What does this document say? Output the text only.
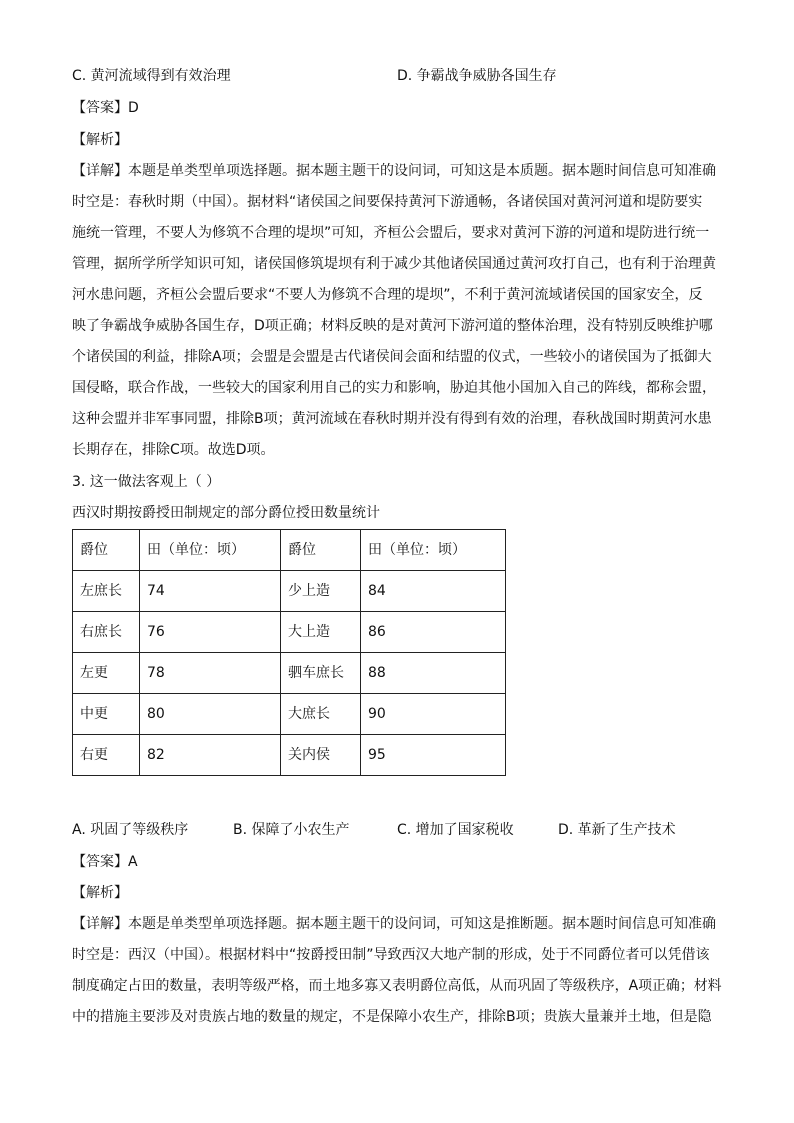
C. 黄河流域得到有效治理	D. 争霸战争威胁各国生存
【答案】D
【解析】
【详解】本题是单类型单项选择题。据本题主题干的设问词，可知这是本质题。据本题时间信息可知准确
时空是：春秋时期（中国）。据材料“诸侯国之间要保持黄河下游通畅，各诸侯国对黄河河道和堤防要实
施统一管理，不要人为修筑不合理的堤坝”可知，齐桓公会盟后，要求对黄河下游的河道和堤防进行统一
管理，据所学所学知识可知，诸侯国修筑堤坝有利于减少其他诸侯国通过黄河攻打自己，也有利于治理黄
河水患问题，齐桓公会盟后要求“不要人为修筑不合理的堤坝”，不利于黄河流域诸侯国的国家安全，反
映了争霸战争威胁各国生存，D项正确；材料反映的是对黄河下游河道的整体治理，没有特别反映维护哪
个诸侯国的利益，排除A项；会盟是会盟是古代诸侯间会面和结盟的仪式，一些较小的诸侯国为了抵御大
国侵略，联合作战，一些较大的国家利用自己的实力和影响，胁迫其他小国加入自己的阵线，都称会盟，
这种会盟并非军事同盟，排除B项；黄河流域在春秋时期并没有得到有效的治理，春秋战国时期黄河水患
长期存在，排除C项。故选D项。
3. 这一做法客观上（ ）
西汉时期按爵授田制规定的部分爵位授田数量统计
爵位	田（单位：顷）	爵位	田（单位：顷）
左庶长	74	少上造	84
右庶长	76	大上造	86
左更	78	驷车庶长	88
中更	80	大庶长	90
右更	82	关内侯	95
A. 巩固了等级秩序	B. 保障了小农生产	C. 增加了国家税收	D. 革新了生产技术
【答案】A
【解析】
【详解】本题是单类型单项选择题。据本题主题干的设问词，可知这是推断题。据本题时间信息可知准确
时空是：西汉（中国）。根据材料中“按爵授田制”导致西汉大地产制的形成，处于不同爵位者可以凭借该
制度确定占田的数量，表明等级严格，而土地多寡又表明爵位高低，从而巩固了等级秩序，A项正确；材料
中的措施主要涉及对贵族占地的数量的规定，不是保障小农生产，排除B项；贵族大量兼并土地，但是隐
